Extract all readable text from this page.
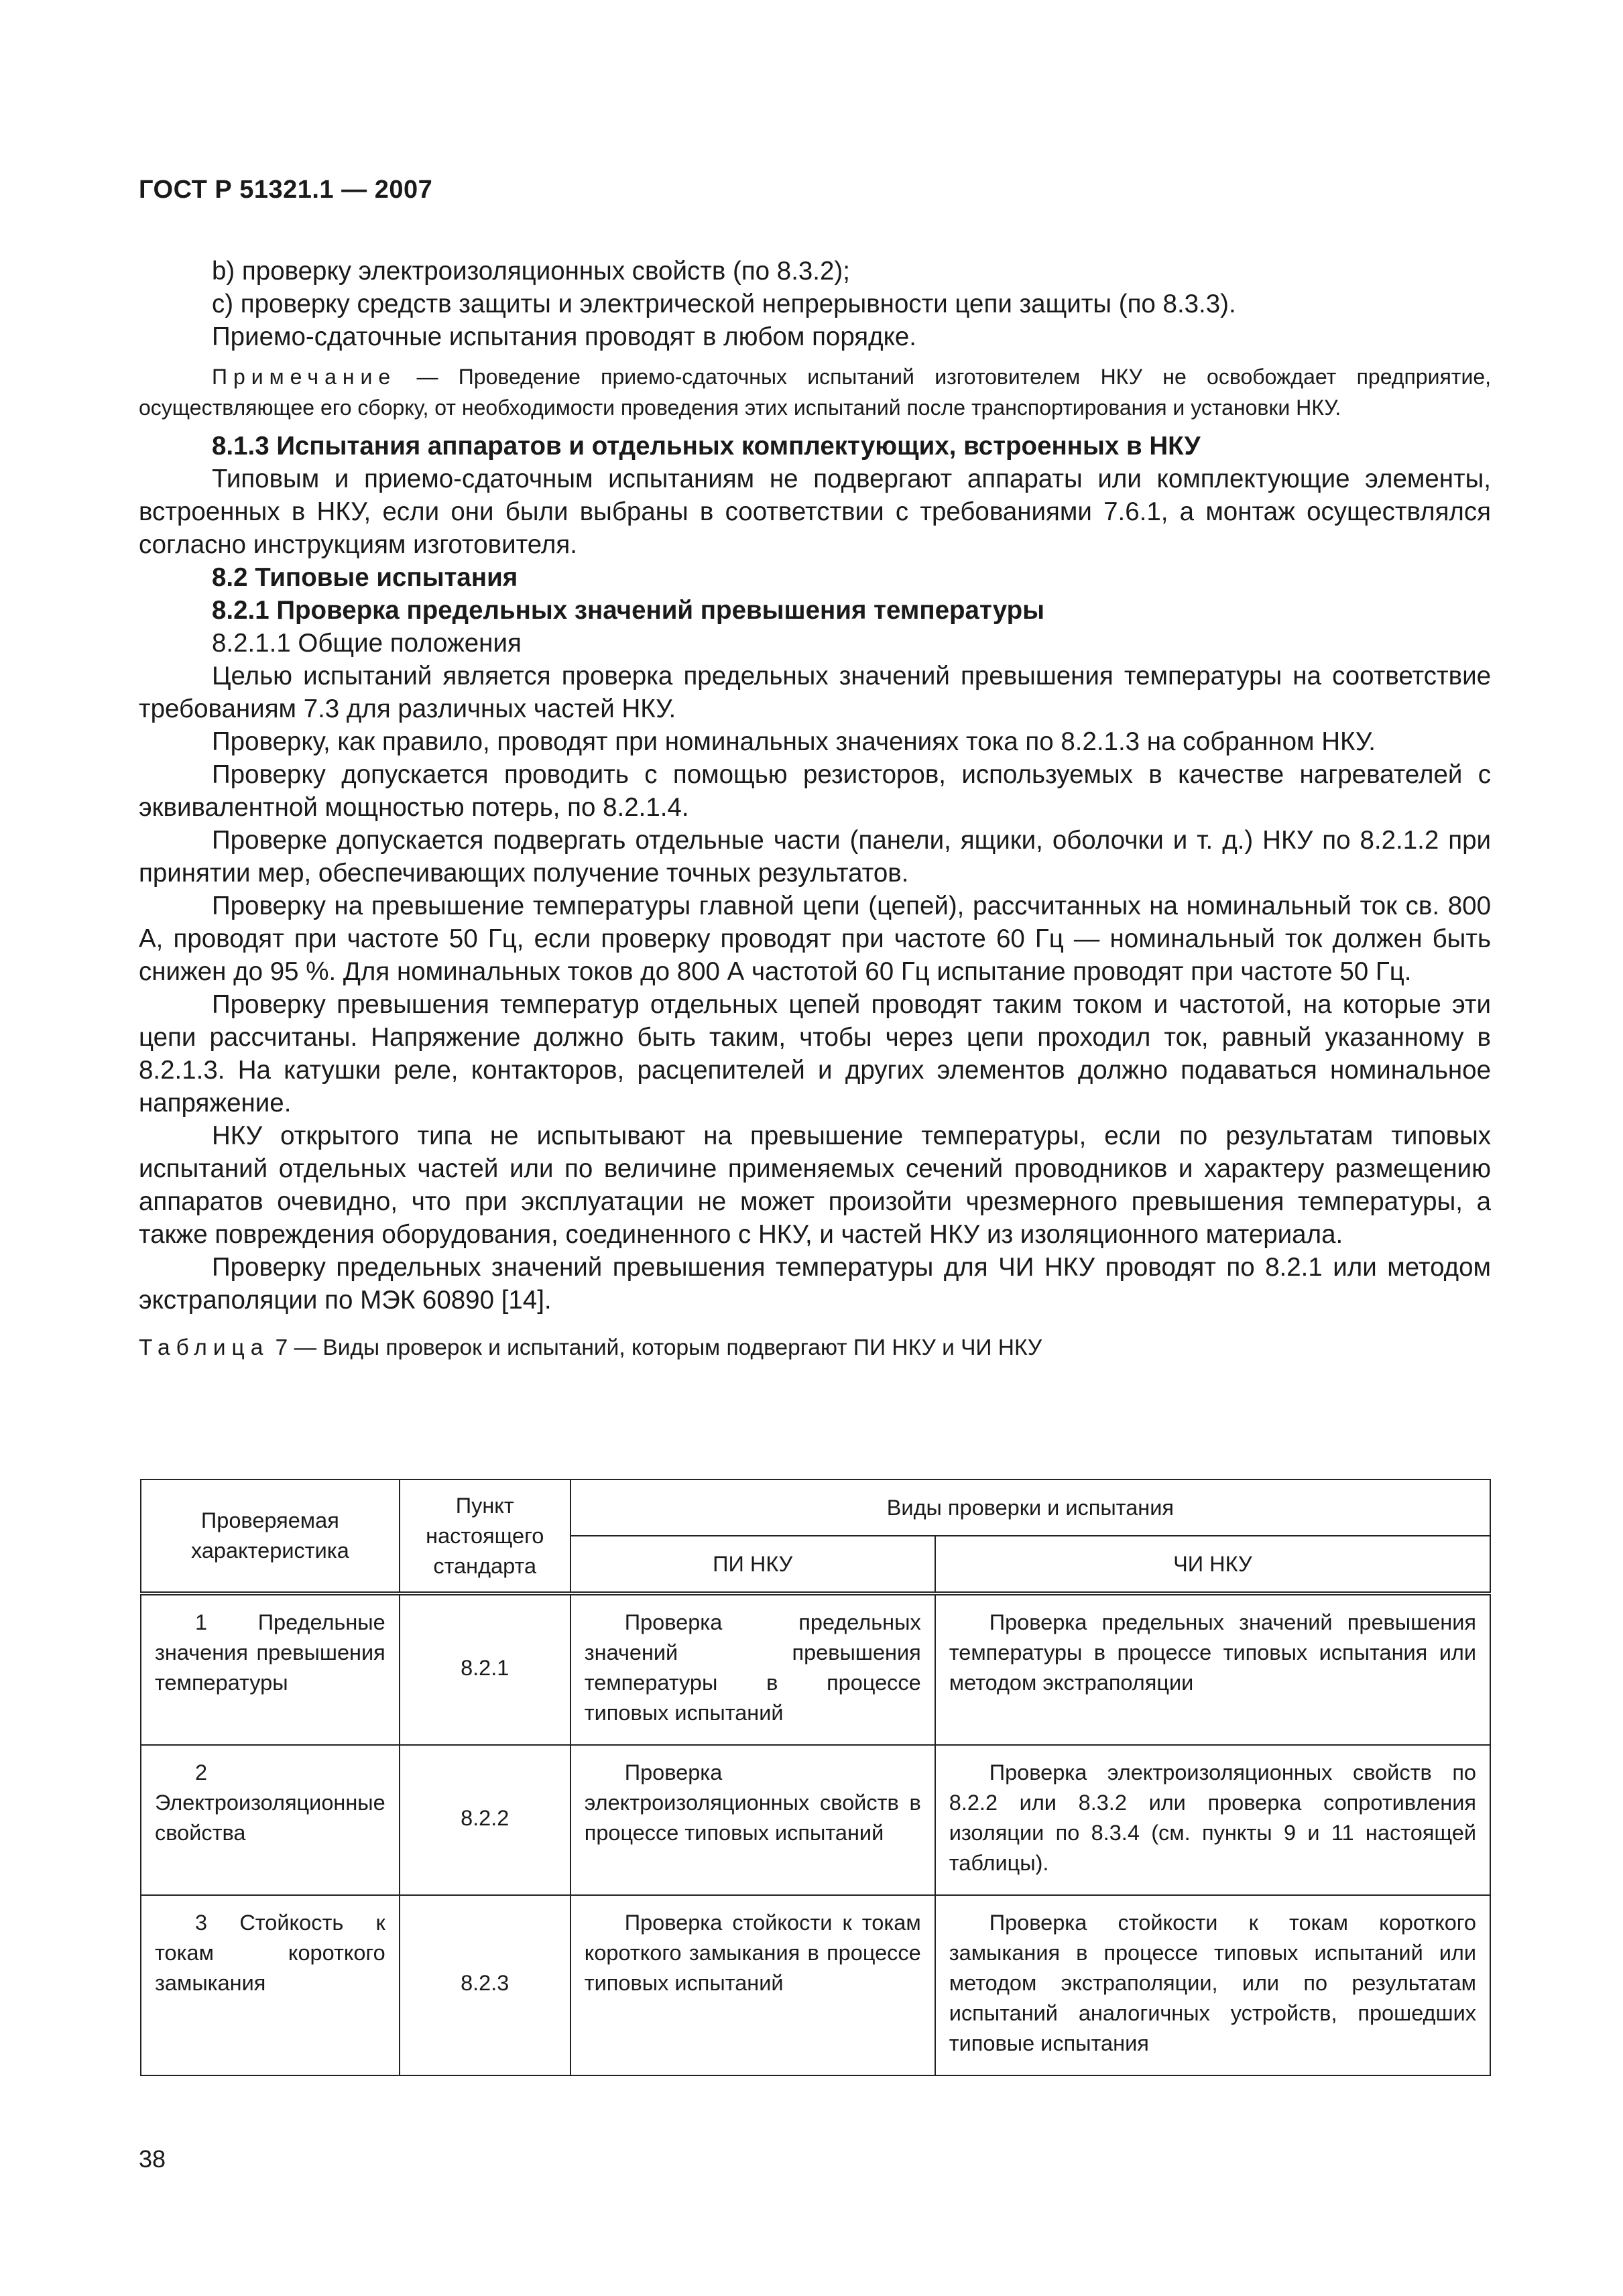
ГОСТ Р 51321.1 — 2007

b) проверку электроизоляционных свойств (по 8.3.2);

c) проверку средств защиты и электрической непрерывности цепи защиты (по 8.3.3).

Приемо-сдаточные испытания проводят в любом порядке.

Примечание — Проведение приемо-сдаточных испытаний изготовителем НКУ не освобождает предприятие, осуществляющее его сборку, от необходимости проведения этих испытаний после транспортирования и установки НКУ.

8.1.3 Испытания аппаратов и отдельных комплектующих, встроенных в НКУ

Типовым и приемо-сдаточным испытаниям не подвергают аппараты или комплектующие элементы, встроенных в НКУ, если они были выбраны в соответствии с требованиями 7.6.1, а монтаж осуществлялся согласно инструкциям изготовителя.

8.2 Типовые испытания

8.2.1 Проверка предельных значений превышения температуры

8.2.1.1 Общие положения

Целью испытаний является проверка предельных значений превышения температуры на соответствие требованиям 7.3 для различных частей НКУ.

Проверку, как правило, проводят при номинальных значениях тока по 8.2.1.3 на собранном НКУ.

Проверку допускается проводить с помощью резисторов, используемых в качестве нагревателей с эквивалентной мощностью потерь, по 8.2.1.4.

Проверке допускается подвергать отдельные части (панели, ящики, оболочки и т. д.) НКУ по 8.2.1.2 при принятии мер, обеспечивающих получение точных результатов.

Проверку на превышение температуры главной цепи (цепей), рассчитанных на номинальный ток св. 800 А, проводят при частоте 50 Гц, если проверку проводят при частоте 60 Гц — номинальный ток должен быть снижен до 95 %. Для номинальных токов до 800 А частотой 60 Гц испытание проводят при частоте 50 Гц.

Проверку превышения температур отдельных цепей проводят таким током и частотой, на которые эти цепи рассчитаны. Напряжение должно быть таким, чтобы через цепи проходил ток, равный указанному в 8.2.1.3. На катушки реле, контакторов, расцепителей и других элементов должно подаваться номинальное напряжение.

НКУ открытого типа не испытывают на превышение температуры, если по результатам типовых испытаний отдельных частей или по величине применяемых сечений проводников и характеру размещению аппаратов очевидно, что при эксплуатации не может произойти чрезмерного превышения температуры, а также повреждения оборудования, соединенного с НКУ, и частей НКУ из изоляционного материала.

Проверку предельных значений превышения температуры для ЧИ НКУ проводят по 8.2.1 или методом экстраполяции по МЭК 60890 [14].

Таблица 7 — Виды проверок и испытаний, которым подвергают ПИ НКУ и ЧИ НКУ

Проверяемая характеристика	Пункт настоящего стандарта	Виды проверки и испытания	
		ПИ НКУ	ЧИ НКУ
1 Предельные значения превышения температуры	8.2.1	Проверка предельных значений превышения температуры в процессе типовых испытаний	Проверка предельных значений превышения температуры в процессе типовых испытания или методом экстраполяции
2 Электроизоляционные свойства	8.2.2	Проверка электроизоляционных свойств в процессе типовых испытаний	Проверка электроизоляционных свойств по 8.2.2 или 8.3.2 или проверка сопротивления изоляции по 8.3.4 (см. пункты 9 и 11 настоящей таблицы).
3 Стойкость к токам короткого замыкания	8.2.3	Проверка стойкости к токам короткого замыкания в процессе типовых испытаний	Проверка стойкости к токам короткого замыкания в процессе типовых испытаний или методом экстраполяции, или по результатам испытаний аналогичных устройств, прошедших типовые испытания
38
